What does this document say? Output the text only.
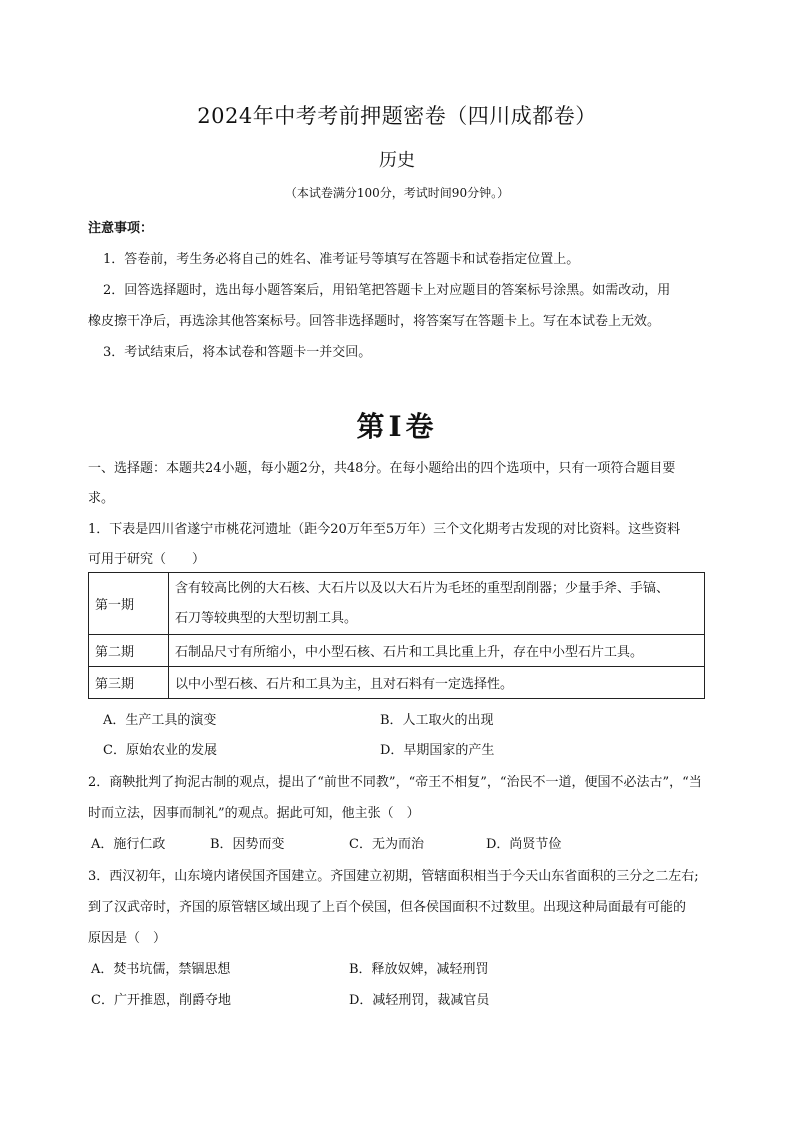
2024年中考考前押题密卷（四川成都卷）
历史
（本试卷满分100分，考试时间90分钟。）
注意事项：
1．答卷前，考生务必将自己的姓名、准考证号等填写在答题卡和试卷指定位置上。
2．回答选择题时，选出每小题答案后，用铅笔把答题卡上对应题目的答案标号涂黑。如需改动，用
橡皮擦干净后，再选涂其他答案标号。回答非选择题时，将答案写在答题卡上。写在本试卷上无效。
3．考试结束后，将本试卷和答题卡一并交回。
第Ⅰ卷
一、选择题：本题共24小题，每小题2分，共48分。在每小题给出的四个选项中，只有一项符合题目要
求。
1．下表是四川省遂宁市桃花河遗址（距今20万年至5万年）三个文化期考古发现的对比资料。这些资料
可用于研究（　　）
第一期	含有较高比例的大石核、大石片以及以大石片为毛坯的重型刮削器；少量手斧、手镐、
石刀等较典型的大型切割工具。

第二期	石制品尺寸有所缩小，中小型石核、石片和工具比重上升，存在中小型石片工具。
第三期	以中小型石核、石片和工具为主，且对石料有一定选择性。
A．生产工具的演变	B．人工取火的出现
C．原始农业的发展	D．早期国家的产生
2．商鞅批判了拘泥古制的观点，提出了“前世不同教”，“帝王不相复”，“治民不一道，便国不必法古”，“当
时而立法，因事而制礼”的观点。据此可知，他主张（　）
A．施行仁政	B．因势而变	C．无为而治	D．尚贤节俭
3．西汉初年，山东境内诸侯国齐国建立。齐国建立初期，管辖面积相当于今天山东省面积的三分之二左右;
到了汉武帝时，齐国的原管辖区域出现了上百个侯国，但各侯国面积不过数里。出现这种局面最有可能的
原因是（　）
A．焚书坑儒，禁锢思想	B．释放奴婢，减轻刑罚
C．广开推恩，削爵夺地	D．减轻刑罚，裁减官员
